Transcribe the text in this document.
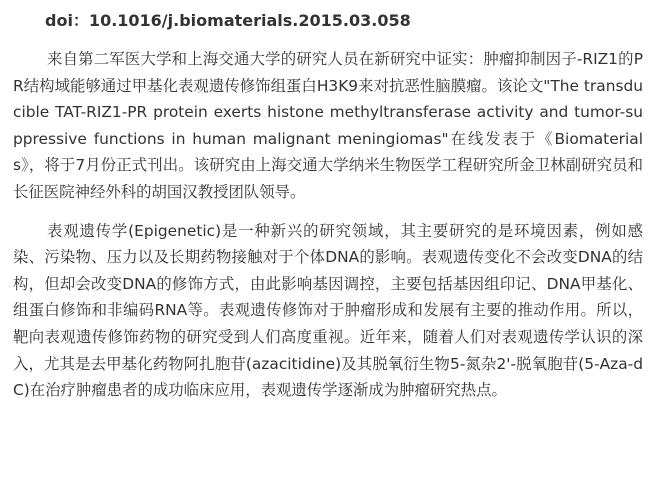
doi：10.1016/j.biomaterials.2015.03.058

来自第二军医大学和上海交通大学的研究人员在新研究中证实：肿瘤抑制因子-RIZ1的PR结构域能够通过甲基化表观遗传修饰组蛋白H3K9来对抗恶性脑膜瘤。该论文"The transducible TAT-RIZ1-PR protein exerts histone methyltransferase activity and tumor-suppressive functions in human malignant meningiomas"在线发表于《Biomaterials》，将于7月份正式刊出。该研究由上海交通大学纳米生物医学工程研究所金卫林副研究员和长征医院神经外科的胡国汉教授团队领导。

表观遗传学(Epigenetic)是一种新兴的研究领域，其主要研究的是环境因素，例如感染、污染物、压力以及长期药物接触对于个体DNA的影响。表观遗传变化不会改变DNA的结构，但却会改变DNA的修饰方式，由此影响基因调控，主要包括基因组印记、DNA甲基化、组蛋白修饰和非编码RNA等。表观遗传修饰对于肿瘤形成和发展有主要的推动作用。所以，靶向表观遗传修饰药物的研究受到人们高度重视。近年来，随着人们对表观遗传学认识的深入，尤其是去甲基化药物阿扎胞苷(azacitidine)及其脱氧衍生物5-氮杂2'-脱氧胞苷(5-Aza-dC)在治疗肿瘤患者的成功临床应用，表观遗传学逐渐成为肿瘤研究热点。
